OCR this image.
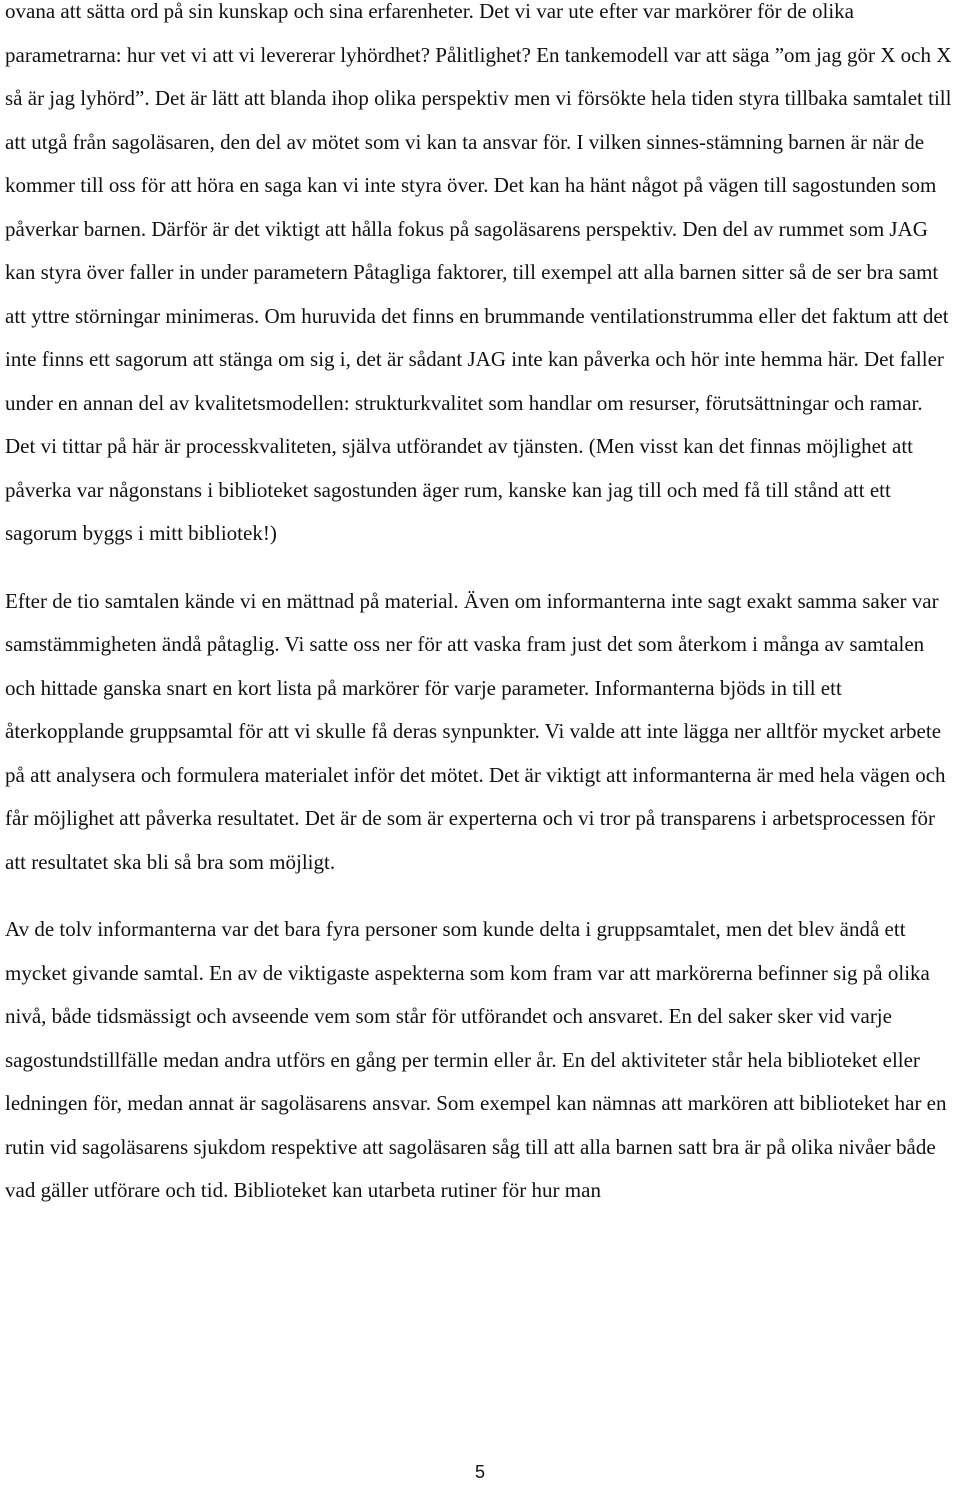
ovana att sätta ord på sin kunskap och sina erfarenheter. Det vi var ute efter var markörer för de olika parametrarna: hur vet vi att vi levererar lyhördhet? Pålitlighet? En tankemodell var att säga ”om jag gör X och X så är jag lyhörd”. Det är lätt att blanda ihop olika perspektiv men vi försökte hela tiden styra tillbaka samtalet till att utgå från sagoläsaren, den del av mötet som vi kan ta ansvar för. I vilken sinnes-stämning barnen är när de kommer till oss för att höra en saga kan vi inte styra över. Det kan ha hänt något på vägen till sagostunden som påverkar barnen. Därför är det viktigt att hålla fokus på sagoläsarens perspektiv. Den del av rummet som JAG kan styra över faller in under parametern Påtagliga faktorer, till exempel att alla barnen sitter så de ser bra samt att yttre störningar minimeras. Om huruvida det finns en brummande ventilationstrumma eller det faktum att det inte finns ett sagorum att stänga om sig i, det är sådant JAG inte kan påverka och hör inte hemma här. Det faller under en annan del av kvalitetsmodellen: strukturkvalitet som handlar om resurser, förutsättningar och ramar. Det vi tittar på här är processkvaliteten, själva utförandet av tjänsten. (Men visst kan det finnas möjlighet att påverka var någonstans i biblioteket sagostunden äger rum, kanske kan jag till och med få till stånd att ett sagorum byggs i mitt bibliotek!)

Efter de tio samtalen kände vi en mättnad på material. Även om informanterna inte sagt exakt samma saker var samstämmigheten ändå påtaglig. Vi satte oss ner för att vaska fram just det som återkom i många av samtalen och hittade ganska snart en kort lista på markörer för varje parameter. Informanterna bjöds in till ett återkopplande gruppsamtal för att vi skulle få deras synpunkter. Vi valde att inte lägga ner alltför mycket arbete på att analysera och formulera materialet inför det mötet. Det är viktigt att informanterna är med hela vägen och får möjlighet att påverka resultatet. Det är de som är experterna och vi tror på transparens i arbetsprocessen för att resultatet ska bli så bra som möjligt.

Av de tolv informanterna var det bara fyra personer som kunde delta i gruppsamtalet, men det blev ändå ett mycket givande samtal. En av de viktigaste aspekterna som kom fram var att markörerna befinner sig på olika nivå, både tidsmässigt och avseende vem som står för utförandet och ansvaret. En del saker sker vid varje sagostundstillfälle medan andra utförs en gång per termin eller år. En del aktiviteter står hela biblioteket eller ledningen för, medan annat är sagoläsarens ansvar. Som exempel kan nämnas att markören att biblioteket har en rutin vid sagoläsarens sjukdom respektive att sagoläsaren såg till att alla barnen satt bra är på olika nivåer både vad gäller utförare och tid. Biblioteket kan utarbeta rutiner för hur man

5
